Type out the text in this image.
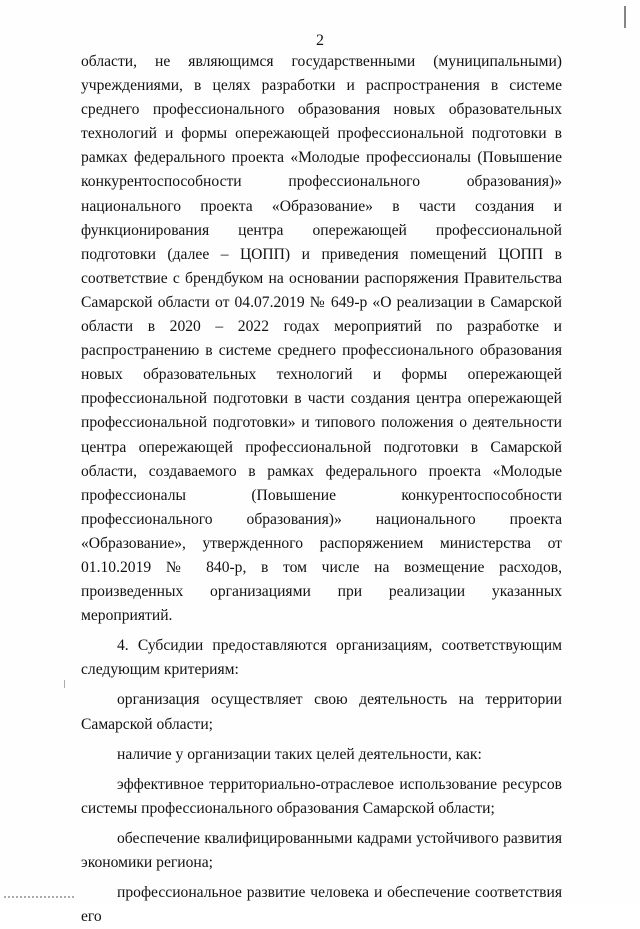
2

области, не являющимся государственными (муниципальными) учреждениями, в целях разработки и распространения в системе среднего профессионального образования новых образовательных технологий и формы опережающей профессиональной подготовки в рамках федерального проекта «Молодые профессионалы (Повышение конкурентоспособности профессионального образования)» национального проекта «Образование» в части создания и функционирования центра опережающей профессиональной подготовки (далее – ЦОПП) и приведения помещений ЦОПП в соответствие с брендбуком на основании распоряжения Правительства Самарской области от 04.07.2019 № 649-р «О реализации в Самарской области в 2020 – 2022 годах мероприятий по разработке и распространению в системе среднего профессионального образования новых образовательных технологий и формы опережающей профессиональной подготовки в части создания центра опережающей профессиональной подготовки» и типового положения о деятельности центра опережающей профессиональной подготовки в Самарской области, создаваемого в рамках федерального проекта «Молодые профессионалы (Повышение конкурентоспособности профессионального образования)» национального проекта «Образование», утвержденного распоряжением министерства от 01.10.2019 № 840-р, в том числе на возмещение расходов, произведенных организациями при реализации указанных мероприятий.

4. Субсидии предоставляются организациям, соответствующим следующим критериям:

организация осуществляет свою деятельность на территории Самарской области;

наличие у организации таких целей деятельности, как:

эффективное территориально-отраслевое использование ресурсов системы профессионального образования Самарской области;

обеспечение квалифицированными кадрами устойчивого развития экономики региона;

профессиональное развитие человека и обеспечение соответствия его
